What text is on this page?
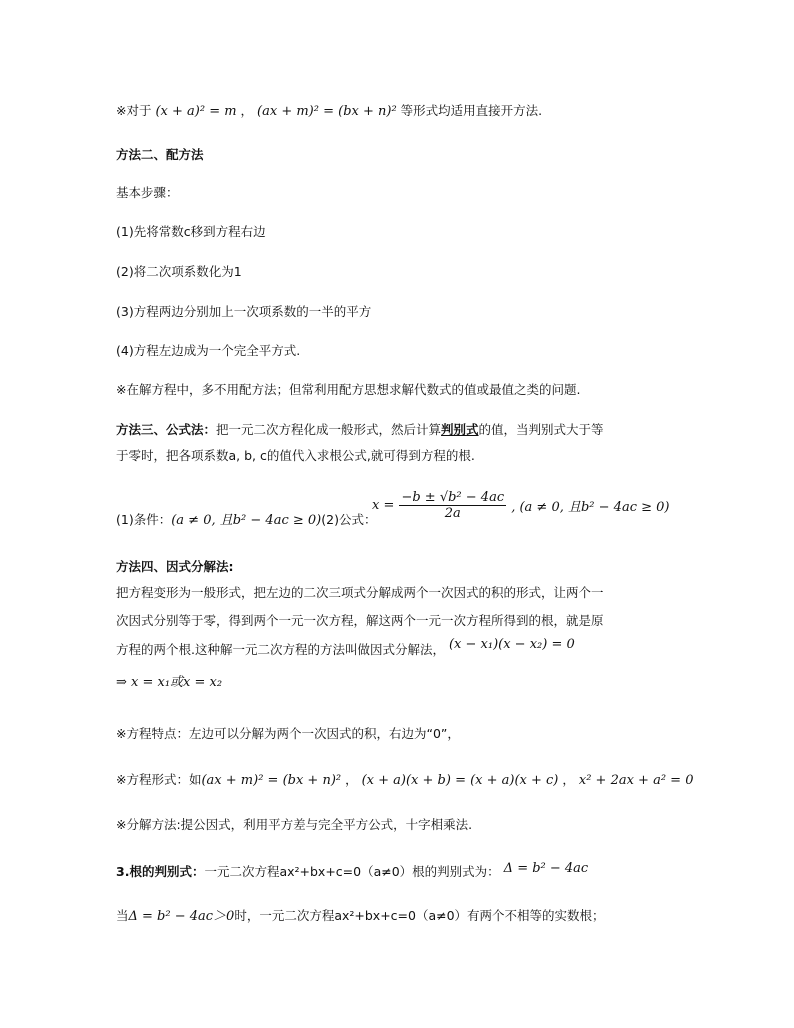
※对于 (x + a)² = m ， (ax + m)² = (bx + n)² 等形式均适用直接开方法.
方法二、配方法
基本步骤：
(1)先将常数c移到方程右边
(2)将二次项系数化为1
(3)方程两边分别加上一次项系数的一半的平方
(4)方程左边成为一个完全平方式.
※在解方程中，多不用配方法；但常利用配方思想求解代数式的值或最值之类的问题.
方法三、公式法：把一元二次方程化成一般形式，然后计算判别式的值，当判别式大于等
于零时，把各项系数a, b, c的值代入求根公式,就可得到方程的根.
(1)条件：(a ≠ 0, 且b² − 4ac ≥ 0)(2)公式：
$x = \frac{\text{−b ± √b² − 4ac}}{2a}$ , (a ≠ 0, 且b² − 4ac ≥ 0)
方法四、因式分解法:
把方程变形为一般形式，把左边的二次三项式分解成两个一次因式的积的形式，让两个一
次因式分别等于零，得到两个一元一次方程，解这两个一元一次方程所得到的根，就是原
方程的两个根.这种解一元二次方程的方法叫做因式分解法， (x − x₁)(x − x₂) = 0
⇒ x = x₁或x = x₂
※方程特点：左边可以分解为两个一次因式的积，右边为“0”，
※方程形式：如(ax + m)² = (bx + n)² ， (x + a)(x + b) = (x + a)(x + c) ， x² + 2ax + a² = 0
※分解方法:提公因式，利用平方差与完全平方公式，十字相乘法.
3.根的判别式：一元二次方程ax²+bx+c=0（a≠0）根的判别式为： Δ = b² − 4ac
当Δ = b² − 4ac＞0时，一元二次方程ax²+bx+c=0（a≠0）有两个不相等的实数根；
